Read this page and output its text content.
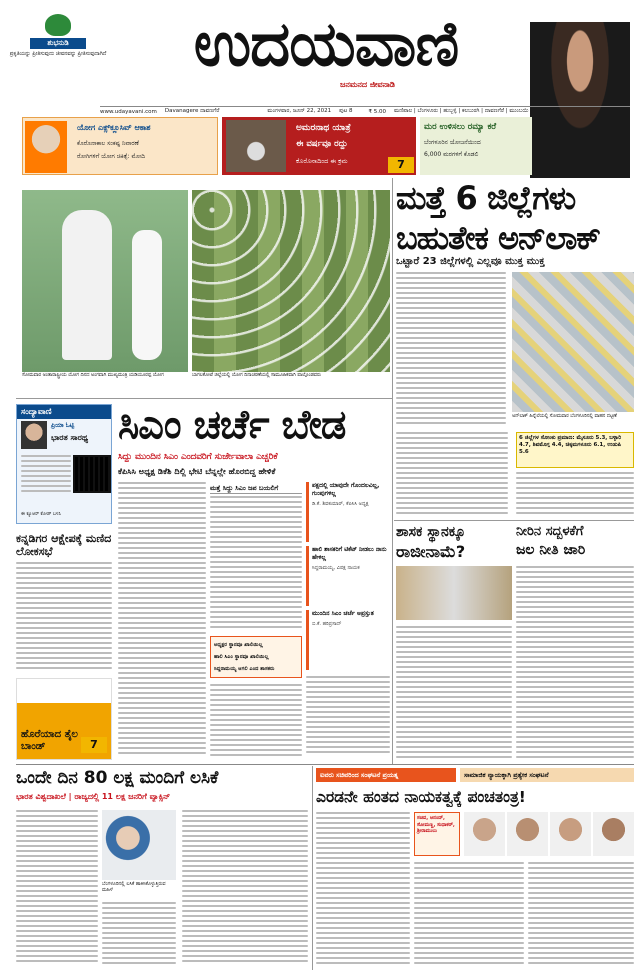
ಶುಭನುಡಿ
ಪ್ರಕೃತಿಯನ್ನು ಪ್ರೀತಿಸುವುದು ಜೀವನವನ್ನು ಪ್ರೀತಿಸುವುದಾಗಿದೆ	ಉದಯವಾಣಿ
ಜನಮನದ ಜೀವನಾಡಿ
www.udayavani.com Davanagere ದಾವಣಗೆರೆ	ಮಂಗಳವಾರ, ಜೂನ್ 22, 2021 ಪುಟ 8	₹ 5.00 ಮಣಿಪಾಲ | ಬೆಂಗಳೂರು | ಹುಬ್ಬಳ್ಳಿ | ಕಲಬುರಗಿ | ದಾವಣಗೆರೆ | ಮುಂಬಯಿ
ಯೋಗ ಎಕ್ಸ್‌ಕ್ಲೂಸಿವ್‌ ಆಕಾಶ
ಕೊರೊನಾಕಾಲ ಸಂಕಷ್ಟ ನಿವಾರಣೆ
ರೋಗಿಗಳಿಗೆ ಯೋಗ ಚಿಕಿತ್ಸೆ: ಮೋದಿ
ಅಮರನಾಥ ಯಾತ್ರೆ
ಈ ವರ್ಷವೂ ರದ್ದು
ಕೊರೊನಾದಿಂದ ಈ ಕ್ರಮ	7
ಮರ ಉಳಿಸಲು ರಮ್ಯಾ ಕರೆ
ಬೆಂಗಳೂರಿನ ಯೋಜನೆಯಿಂದ
6,000 ಮರಗಳಿಗೆ ಕೊಡಲಿ
ಸೋಮವಾರ ಅಂತಾರಾಷ್ಟ್ರೀಯ ಯೋಗ ದಿನದ ಅಂಗವಾಗಿ ಮುಖ್ಯಮಂತ್ರಿ ಯಡಿಯೂರಪ್ಪ ಯೋಗ	ಬಾಗಲಕೋಟೆ ಜಿಲ್ಲೆಯಲ್ಲಿ ಯೋಗ ದಿನಾಚರಣೆಯಲ್ಲಿ ಸಾಮೂಹಿಕವಾಗಿ ಪಾಲ್ಗೊಂಡವರು
ಮತ್ತೆ 6 ಜಿಲ್ಲೆಗಳು
ಬಹುತೇಕ ಅನ್‌ಲಾಕ್
ಒಟ್ಟಾರೆ 23 ಜಿಲ್ಲೆಗಳಲ್ಲಿ ಎಲ್ಲವೂ ಮುಕ್ತ ಮುಕ್ತ
ಅನ್‌ಲಾಕ್ ಹಿನ್ನೆಲೆಯಲ್ಲಿ ಸೋಮವಾರ ಬೆಂಗಳೂರಿನಲ್ಲಿ ವಾಹನ ದಟ್ಟಣೆ
6 ಜಿಲ್ಲೆಗಳ ಸೋಂಕು ಪ್ರಮಾಣ: ಮೈಸೂರು 5.3, ಬಳ್ಳಾರಿ 4.7, ಶಿವಮೊಗ್ಗ 4.4, ಚಿಕ್ಕಮಗಳೂರು 6.1, ಉಡುಪಿ 5.6
ಸಂದ್ಯಾವಾಣಿ
ಪ್ರಿಯಾ ಓಟ್ಟಿ
ಭಾರತ ಸಾರಥ್ಯ
ಈ ಕ್ಯೂಆರ್ ಕೋಡ್ ಬಳಸಿ
ಸಿಎಂ ಚರ್ಚೆ ಬೇಡ
ಸಿದ್ದು ಮುಂದಿನ ಸಿಎಂ ಎಂದವರಿಗೆ ಸುರ್ಜೇವಾಲಾ ಎಚ್ಚರಿಕೆ
ಕೆಪಿಸಿಸಿ ಅಧ್ಯಕ್ಷ ಡಿಕೆಶಿ ದಿಲ್ಲಿ ಭೇಟಿ ಬೆನ್ನಲ್ಲೇ ಹೊರಬಿದ್ದ ಹೇಳಿಕೆ
ಕನ್ನಡಿಗರ ಆಕ್ಷೇಪಕ್ಕೆ ಮಣಿದ ಲೋಕಸಭೆ
ಹೊರೆಯಾದ ತೈಲ ಬಾಂಡ್	7
ಮತ್ತೆ ಸಿದ್ದು ಸಿಎಂ ಜಪ ಬಯಲಿಗೆ
ಅಧ್ಯಕ್ಷರ ಸ್ಥಾನವೂ ಖಾಲಿಯಿಲ್ಲ
ಹಾಲಿ ಸಿಎಂ ಸ್ಥಾನವೂ ಖಾಲಿಯಿಲ್ಲ
ಸಿದ್ದರಾಮಯ್ಯ ಆಗಲಿ ಎಂದ ಶಾಸಕರು
ಪಕ್ಷದಲ್ಲಿ ಯಾವುದೇ ಗೊಂದಲವಿಲ್ಲ, ಗುಂಪುಗಳಿಲ್ಲ
ಡಿ.ಕೆ. ಶಿವಕುಮಾರ್, ಕೆಪಿಸಿಸಿ ಅಧ್ಯಕ್ಷ
ಹಾಲಿ ಶಾಸಕರಿಗೆ ಟಿಕೆಟ್ ನೀಡಲು ನಾನು ಹೇಳಿಲ್ಲ
ಸಿದ್ದರಾಮಯ್ಯ, ವಿಪಕ್ಷ ನಾಯಕ
ಮುಂದಿನ ಸಿಎಂ ಚರ್ಚೆ ಅಪ್ರಸ್ತುತ
ಬಿ.ಕೆ. ಹರಿಪ್ರಸಾದ್
ಶಾಸಕ ಸ್ಥಾನಕ್ಕೂ
ರಾಜೀನಾಮೆ?
ನೀರಿನ ಸದ್ಬಳಕೆಗೆ
ಜಲ ನೀತಿ ಜಾರಿ
ಒಂದೇ ದಿನ 80 ಲಕ್ಷ ಮಂದಿಗೆ ಲಸಿಕೆ
ಭಾರತ ವಿಶ್ವದಾಖಲೆ | ರಾಜ್ಯದಲ್ಲಿ 11 ಲಕ್ಷ ಜನರಿಗೆ ವ್ಯಾಕ್ಸಿನ್
ಬೆಂಗಳೂರಿನಲ್ಲಿ ಲಸಿಕೆ ಹಾಕಿಸಿಕೊಳ್ಳುತ್ತಿರುವ ಮಹಿಳೆ
ಐವರು ಸಚಿವರಿಂದ ಸಂಘಟನೆ ಪ್ರಯತ್ನ	ಸಾಮಾಜಿಕ ನ್ಯಾಯಕ್ಕಾಗಿ ಪ್ರತ್ಯೇಕ ಸಂಘಟನೆ
ಎರಡನೇ ಹಂತದ ನಾಯಕತ್ವಕ್ಕೆ ಪಂಚತಂತ್ರ!
ಸಚಿವ, ಆನಂದ್, ಸೋಮಣ್ಣ, ಸುಧಾಕರ್, ಶ್ರೀರಾಮುಲು
